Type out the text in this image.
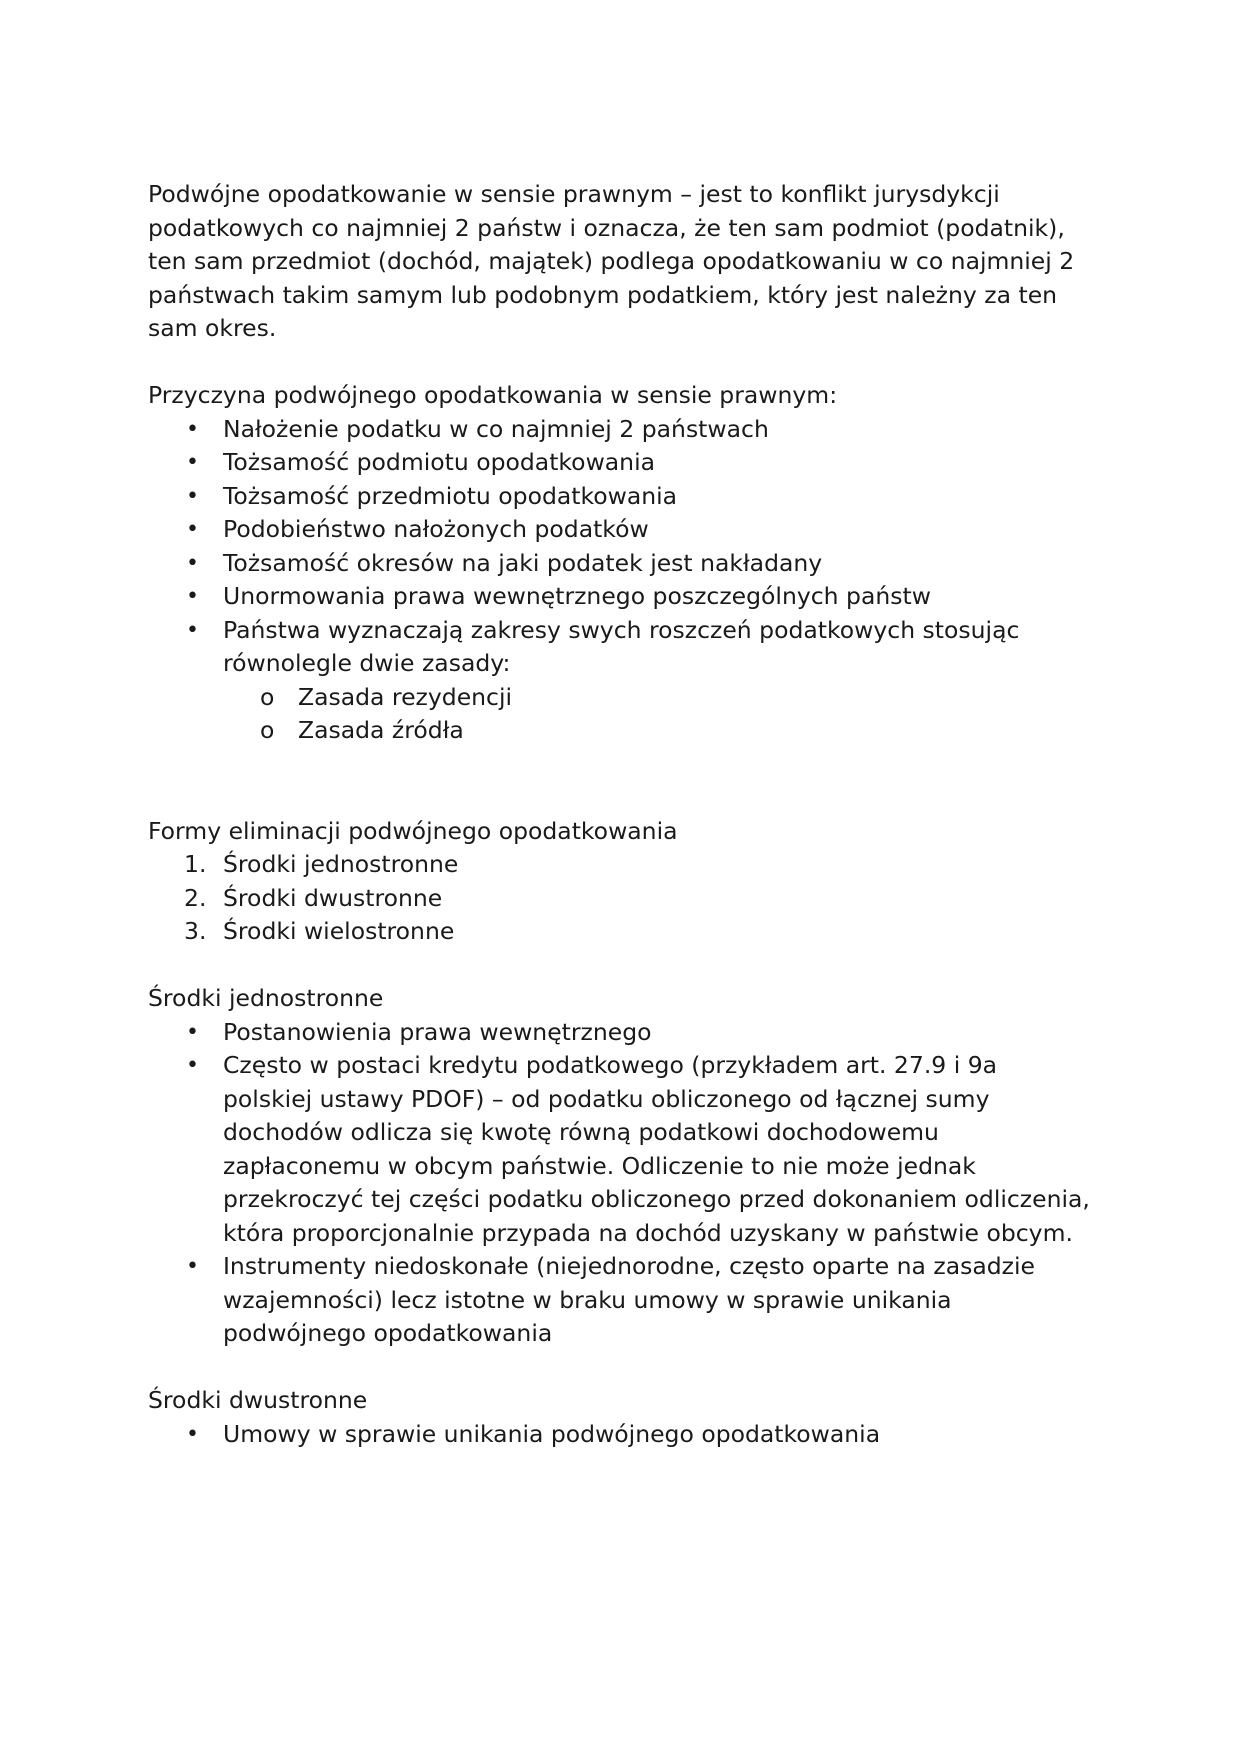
Podwójne opodatkowanie w sensie prawnym – jest to konflikt jurysdykcji podatkowych co najmniej 2 państw i oznacza, że ten sam podmiot (podatnik), ten sam przedmiot (dochód, majątek) podlega opodatkowaniu w co najmniej 2 państwach takim samym lub podobnym podatkiem, który jest należny za ten sam okres.

Przyczyna podwójnego opodatkowania w sensie prawnym:

• Nałożenie podatku w co najmniej 2 państwach
• Tożsamość podmiotu opodatkowania
• Tożsamość przedmiotu opodatkowania
• Podobieństwo nałożonych podatków
• Tożsamość okresów na jaki podatek jest nakładany
• Unormowania prawa wewnętrznego poszczególnych państw
• Państwa wyznaczają zakresy swych roszczeń podatkowych stosując równolegle dwie zasady:
o Zasada rezydencji
o Zasada źródła

Formy eliminacji podwójnego opodatkowania

1. Środki jednostronne
2. Środki dwustronne
3. Środki wielostronne

Środki jednostronne

• Postanowienia prawa wewnętrznego
• Często w postaci kredytu podatkowego (przykładem art. 27.9 i 9a polskiej ustawy PDOF) – od podatku obliczonego od łącznej sumy dochodów odlicza się kwotę równą podatkowi dochodowemu zapłaconemu w obcym państwie. Odliczenie to nie może jednak przekroczyć tej części podatku obliczonego przed dokonaniem odliczenia, która proporcjonalnie przypada na dochód uzyskany w państwie obcym.
• Instrumenty niedoskonałe (niejednorodne, często oparte na zasadzie wzajemności) lecz istotne w braku umowy w sprawie unikania podwójnego opodatkowania

Środki dwustronne

• Umowy w sprawie unikania podwójnego opodatkowania
